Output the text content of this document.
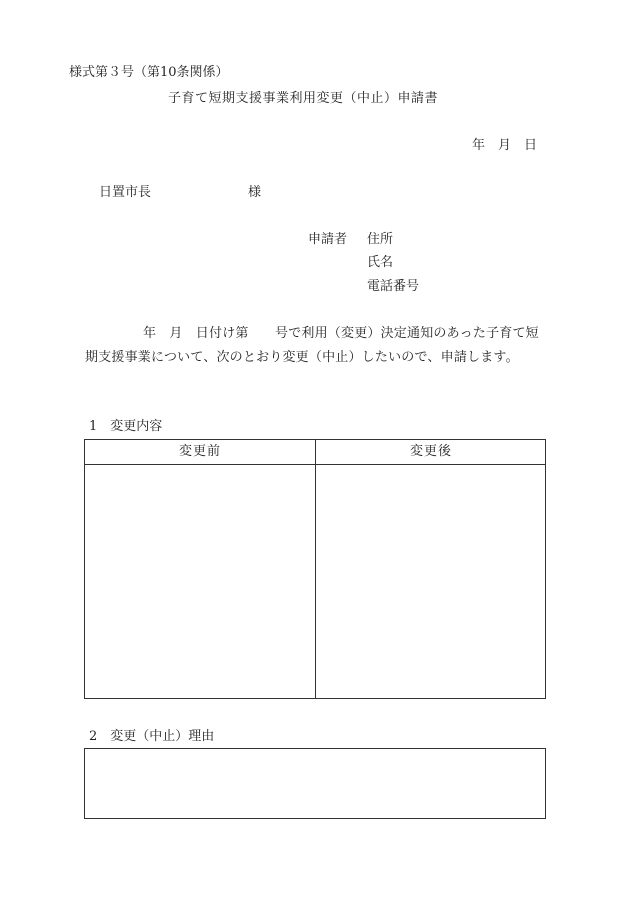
様式第３号（第10条関係）
子育て短期支援事業利用変更（中止）申請書
年　月　日
日置市長	様
申請者 住所
氏名
電話番号
年　月　日付け第　　号で利用（変更）決定通知のあった子育て短期支援事業について、次のとおり変更（中止）したいので、申請します。
1　変更内容
変更前	変更後
2　変更（中止）理由
